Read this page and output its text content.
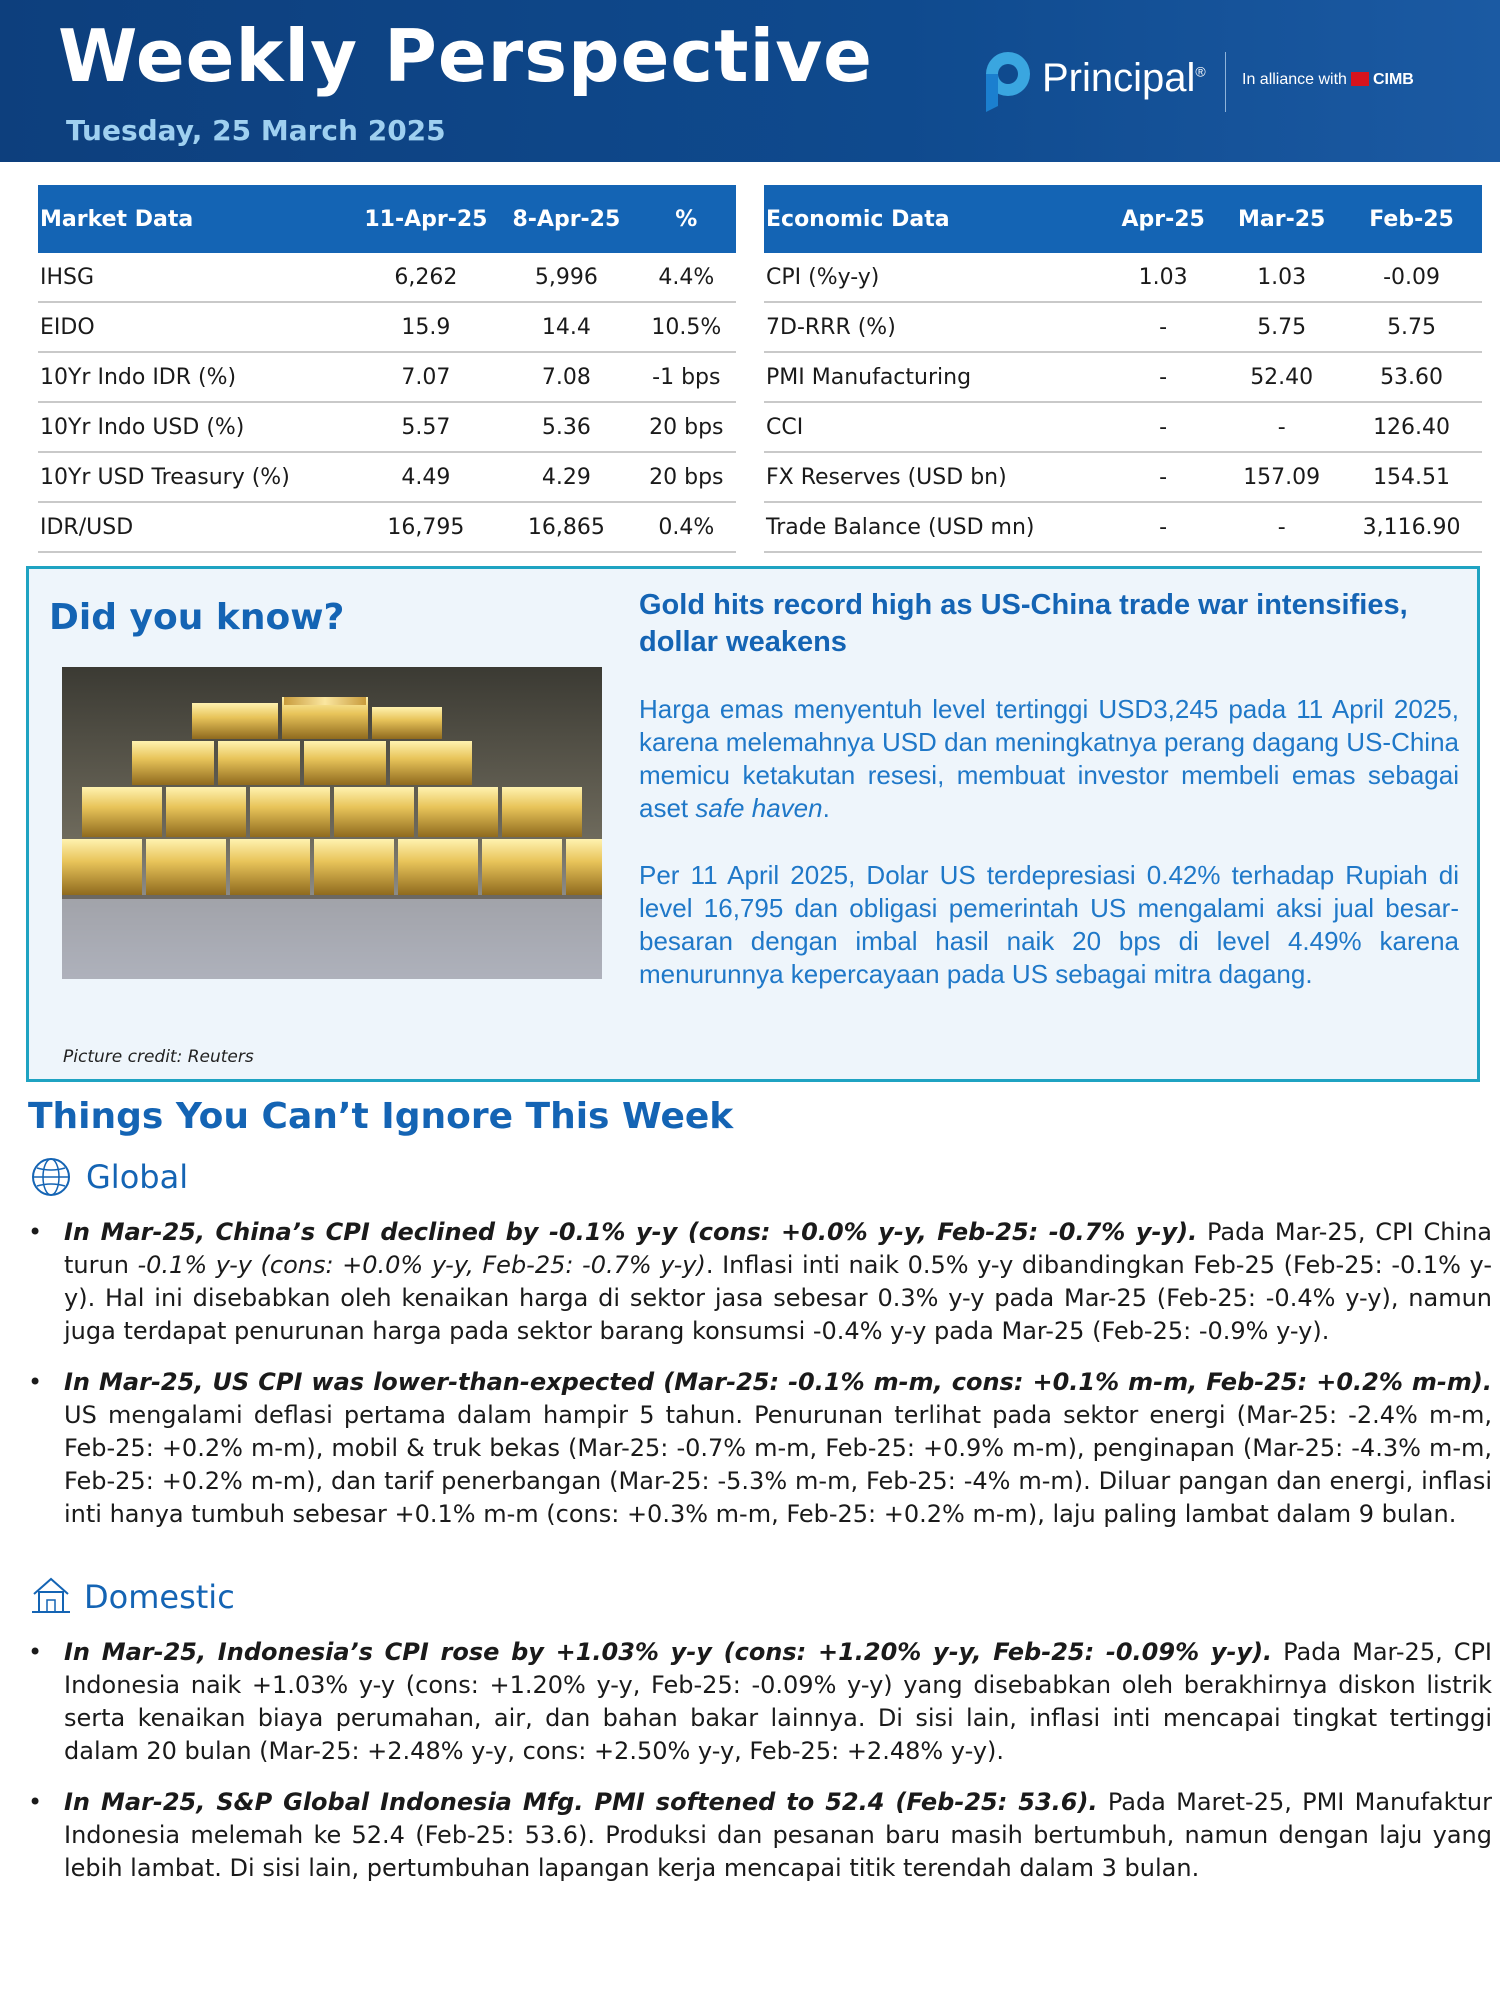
Weekly Perspective
Tuesday, 25 March 2025
Principal® In alliance with CIMB
Market Data	11-Apr-25	8-Apr-25	%
IHSG	6,262	5,996	4.4%
EIDO	15.9	14.4	10.5%
10Yr Indo IDR (%)	7.07	7.08	-1 bps
10Yr Indo USD (%)	5.57	5.36	20 bps
10Yr USD Treasury (%)	4.49	4.29	20 bps
IDR/USD	16,795	16,865	0.4%
Economic Data	Apr-25	Mar-25	Feb-25
CPI (%y-y)	1.03	1.03	-0.09
7D-RRR (%)	-	5.75	5.75
PMI Manufacturing	-	52.40	53.60
CCI	-	-	126.40
FX Reserves (USD bn)	-	157.09	154.51
Trade Balance (USD mn)	-	-	3,116.90
Did you know?
Picture credit: Reuters
Gold hits record high as US-China trade war intensifies, dollar weakens

Harga emas menyentuh level tertinggi USD3,245 pada 11 April 2025, karena melemahnya USD dan meningkatnya perang dagang US-China memicu ketakutan resesi, membuat investor membeli emas sebagai aset safe haven.

Per 11 April 2025, Dolar US terdepresiasi 0.42% terhadap Rupiah di level 16,795 dan obligasi pemerintah US mengalami aksi jual besar-besaran dengan imbal hasil naik 20 bps di level 4.49% karena menurunnya kepercayaan pada US sebagai mitra dagang.

Things You Can’t Ignore This Week
Global
• In Mar-25, China’s CPI declined by -0.1% y-y (cons: +0.0% y-y, Feb-25: -0.7% y-y). Pada Mar-25, CPI China turun -0.1% y-y (cons: +0.0% y-y, Feb-25: -0.7% y-y). Inflasi inti naik 0.5% y-y dibandingkan Feb-25 (Feb-25: -0.1% y-y). Hal ini disebabkan oleh kenaikan harga di sektor jasa sebesar 0.3% y-y pada Mar-25 (Feb-25: -0.4% y-y), namun juga terdapat penurunan harga pada sektor barang konsumsi -0.4% y-y pada Mar-25 (Feb-25: -0.9% y-y).

• In Mar-25, US CPI was lower-than-expected (Mar-25: -0.1% m-m, cons: +0.1% m-m, Feb-25: +0.2% m-m). US mengalami deflasi pertama dalam hampir 5 tahun. Penurunan terlihat pada sektor energi (Mar-25: -2.4% m-m, Feb-25: +0.2% m-m), mobil & truk bekas (Mar-25: -0.7% m-m, Feb-25: +0.9% m-m), penginapan (Mar-25: -4.3% m-m, Feb-25: +0.2% m-m), dan tarif penerbangan (Mar-25: -5.3% m-m, Feb-25: -4% m-m). Diluar pangan dan energi, inflasi inti hanya tumbuh sebesar +0.1% m-m (cons: +0.3% m-m, Feb-25: +0.2% m-m), laju paling lambat dalam 9 bulan.

Domestic
• In Mar-25, Indonesia’s CPI rose by +1.03% y-y (cons: +1.20% y-y, Feb-25: -0.09% y-y). Pada Mar-25, CPI Indonesia naik +1.03% y-y (cons: +1.20% y-y, Feb-25: -0.09% y-y) yang disebabkan oleh berakhirnya diskon listrik serta kenaikan biaya perumahan, air, dan bahan bakar lainnya. Di sisi lain, inflasi inti mencapai tingkat tertinggi dalam 20 bulan (Mar-25: +2.48% y-y, cons: +2.50% y-y, Feb-25: +2.48% y-y).

• In Mar-25, S&P Global Indonesia Mfg. PMI softened to 52.4 (Feb-25: 53.6). Pada Maret-25, PMI Manufaktur Indonesia melemah ke 52.4 (Feb-25: 53.6). Produksi dan pesanan baru masih bertumbuh, namun dengan laju yang lebih lambat. Di sisi lain, pertumbuhan lapangan kerja mencapai titik terendah dalam 3 bulan.
